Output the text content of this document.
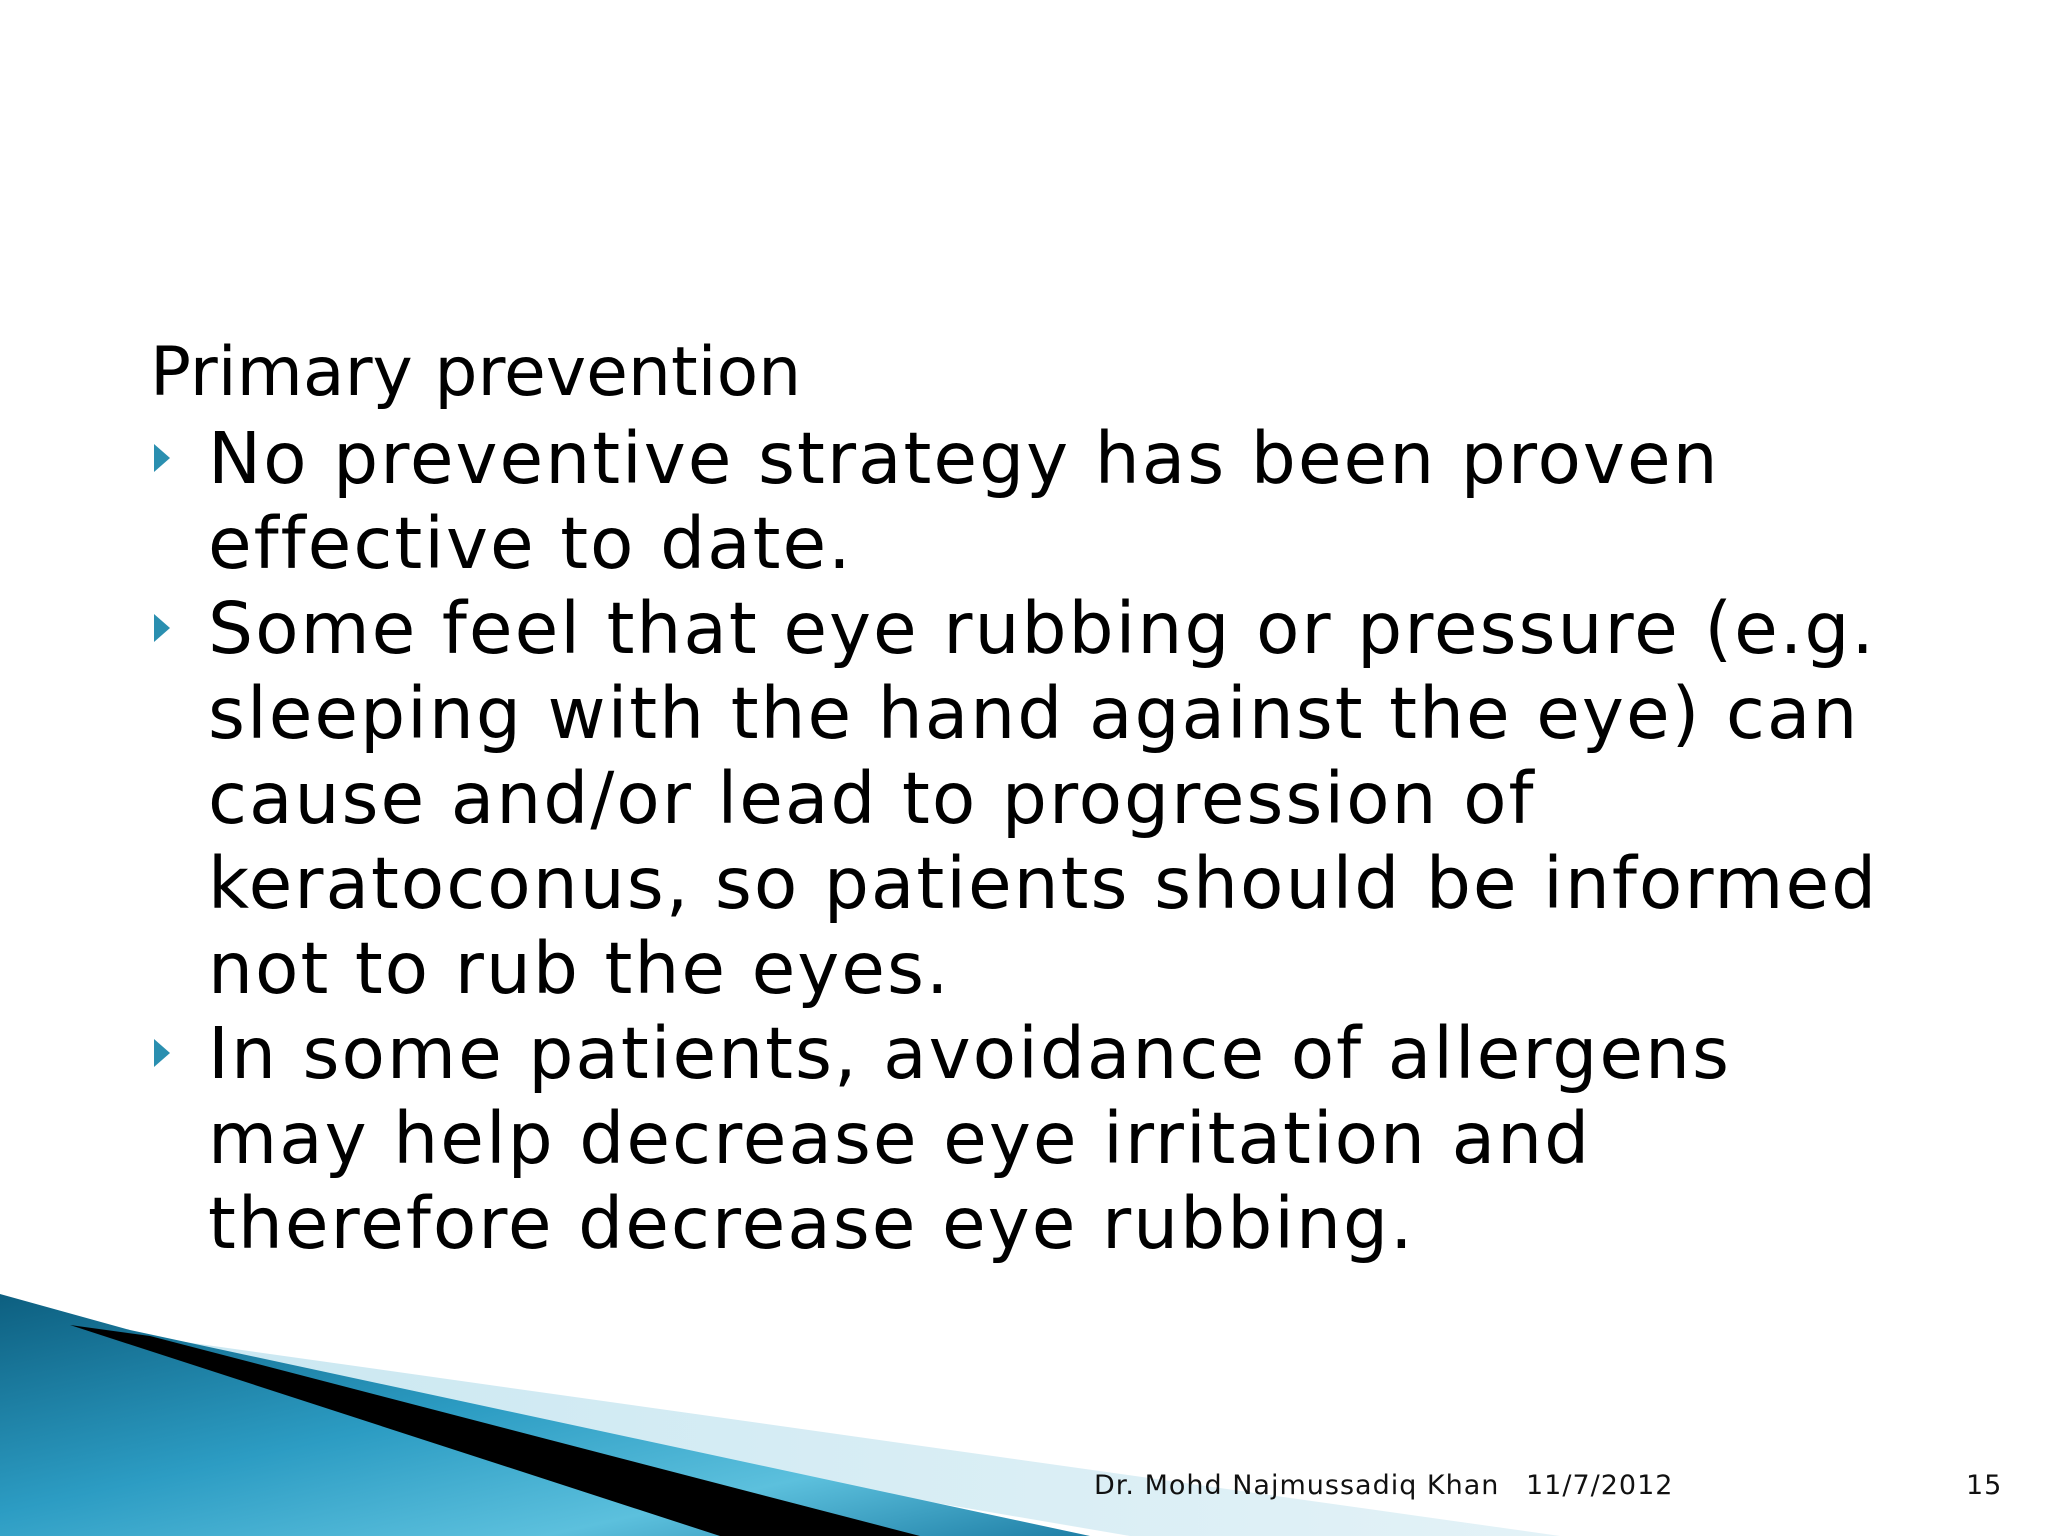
Primary prevention
No preventive strategy has been proven effective to date.
Some feel that eye rubbing or pressure (e.g. sleeping with the hand against the eye) can cause and/or lead to progression of keratoconus, so patients should be informed not to rub the eyes.
In some patients, avoidance of allergens may help decrease eye irritation and therefore decrease eye rubbing.
Dr. Mohd Najmussadiq Khan 11/7/2012	15
